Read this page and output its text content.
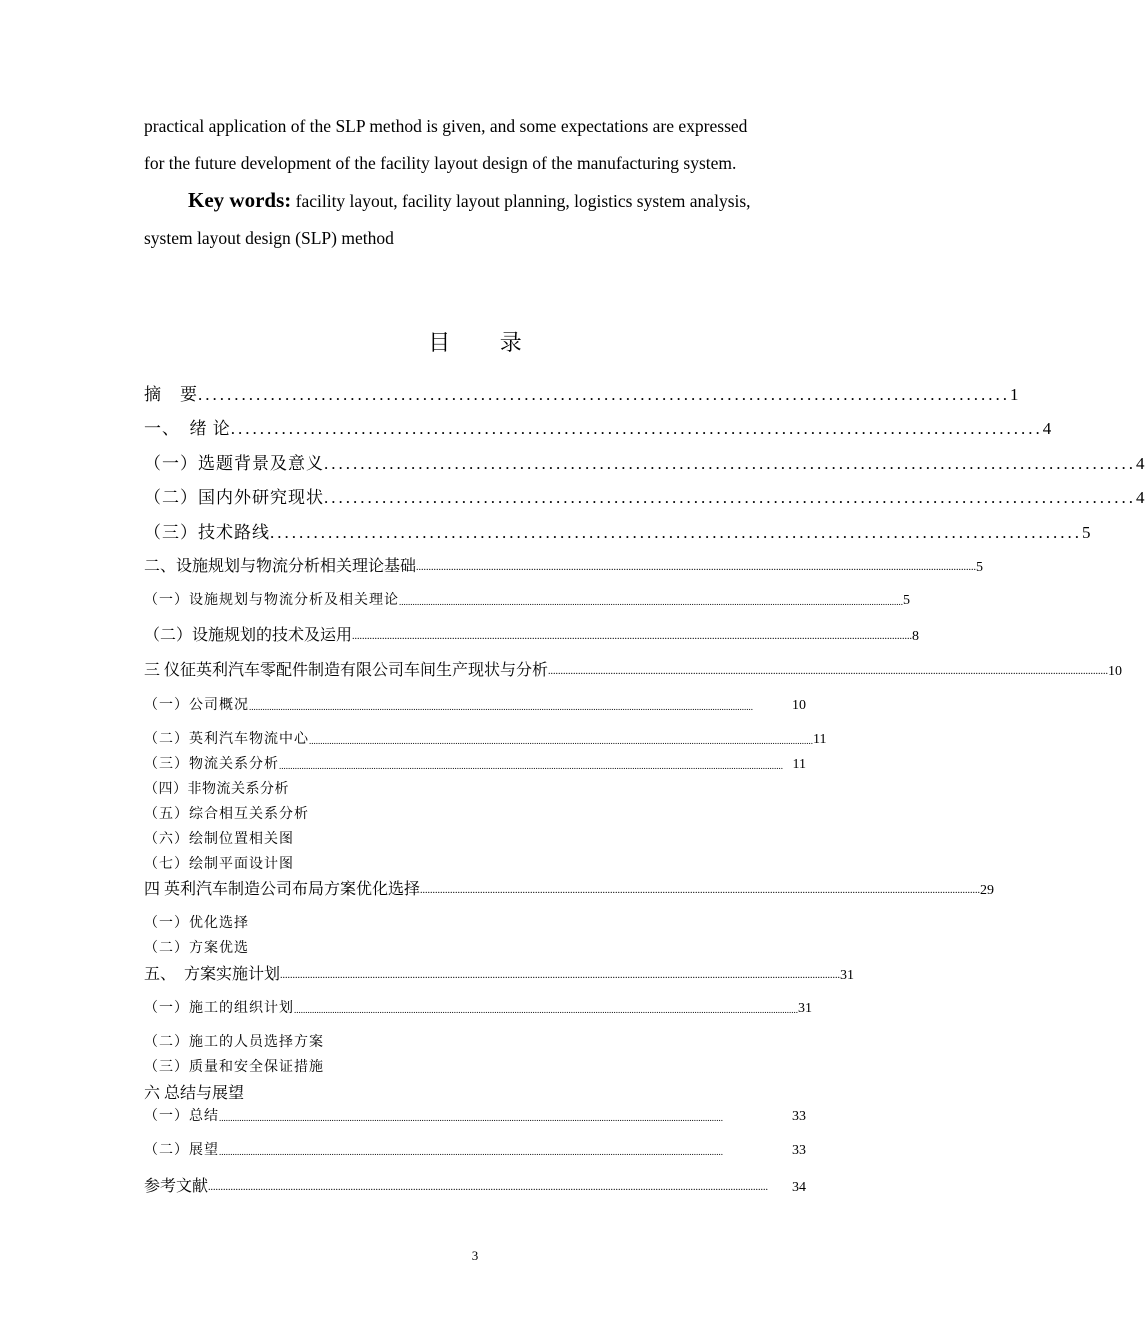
practical application of the SLP method is given, and some expectations are expressed

for the future development of the facility layout design of the manufacturing system.

Key words: facility layout, facility layout planning, logistics system analysis,

system layout design (SLP) method

目 录
摘　要 ................................................................................................................ 1
一、　绪 论 ................................................................................................................ 4
（一）选题背景及意义 ................................................................................................................ 4
（二）国内外研究现状 ................................................................................................................ 4
（三）技术路线 ................................................................................................................ 5
二、设施规划与物流分析相关理论基础 ................................................................................................................................................................................................................................ 5
（一）设施规划与物流分析及相关理论 ................................................................................................................................................................................................................................ 5
（二）设施规划的技术及运用 ................................................................................................................................................................................................................................ 8
三 仪征英利汽车零配件制造有限公司车间生产现状与分析 ................................................................................................................................................................................................................................ 10
（一）公司概况 ................................................................................................................................................................................................................................	10
（二）英利汽车物流中心 ................................................................................................................................................................................................................................ 11
（三）物流关系分析 ................................................................................................................................................................................................................................ 11
（四）非物流关系分析
（五）综合相互关系分析
（六）绘制位置相关图
（七）绘制平面设计图
四 英利汽车制造公司布局方案优化选择 ................................................................................................................................................................................................................................ 29
（一）优化选择
（二）方案优选
五、　方案实施计划 ................................................................................................................................................................................................................................ 31
（一）施工的组织计划 ................................................................................................................................................................................................................................ 31
（二）施工的人员选择方案
（三）质量和安全保证措施
六 总结与展望
（一）总结 ................................................................................................................................................................................................................................	33
（二）展望 ................................................................................................................................................................................................................................	33
参考文献 ................................................................................................................................................................................................................................	34
3
